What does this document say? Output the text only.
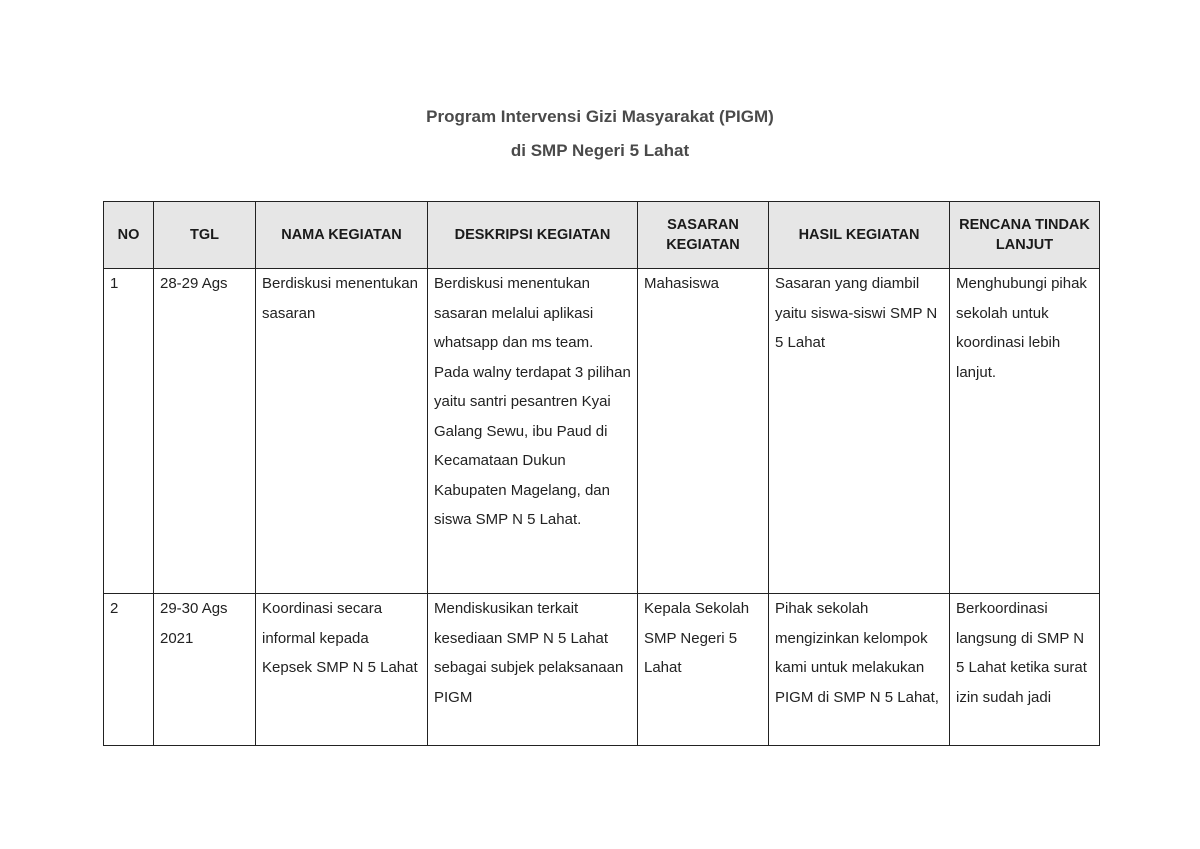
Program Intervensi Gizi Masyarakat (PIGM)

di SMP Negeri 5 Lahat

NO	TGL	NAMA KEGIATAN	DESKRIPSI KEGIATAN	SASARAN KEGIATAN	HASIL KEGIATAN	RENCANA TINDAK LANJUT
1	28-29 Ags	Berdiskusi menentukan sasaran	Berdiskusi menentukan sasaran melalui aplikasi whatsapp dan ms team. Pada walny terdapat 3 pilihan yaitu santri pesantren Kyai Galang Sewu, ibu Paud di Kecamataan Dukun Kabupaten Magelang, dan siswa SMP N 5 Lahat.	Mahasiswa	Sasaran yang diambil yaitu siswa-siswi SMP N 5 Lahat	Menghubungi pihak sekolah untuk koordinasi lebih lanjut.
2	29-30 Ags 2021	Koordinasi secara informal kepada Kepsek SMP N 5 Lahat	Mendiskusikan terkait kesediaan SMP N 5 Lahat sebagai subjek pelaksanaan PIGM	Kepala Sekolah SMP Negeri 5 Lahat	Pihak sekolah mengizinkan kelompok kami untuk melakukan PIGM di SMP N 5 Lahat,	Berkoordinasi langsung di SMP N 5 Lahat ketika surat izin sudah jadi
